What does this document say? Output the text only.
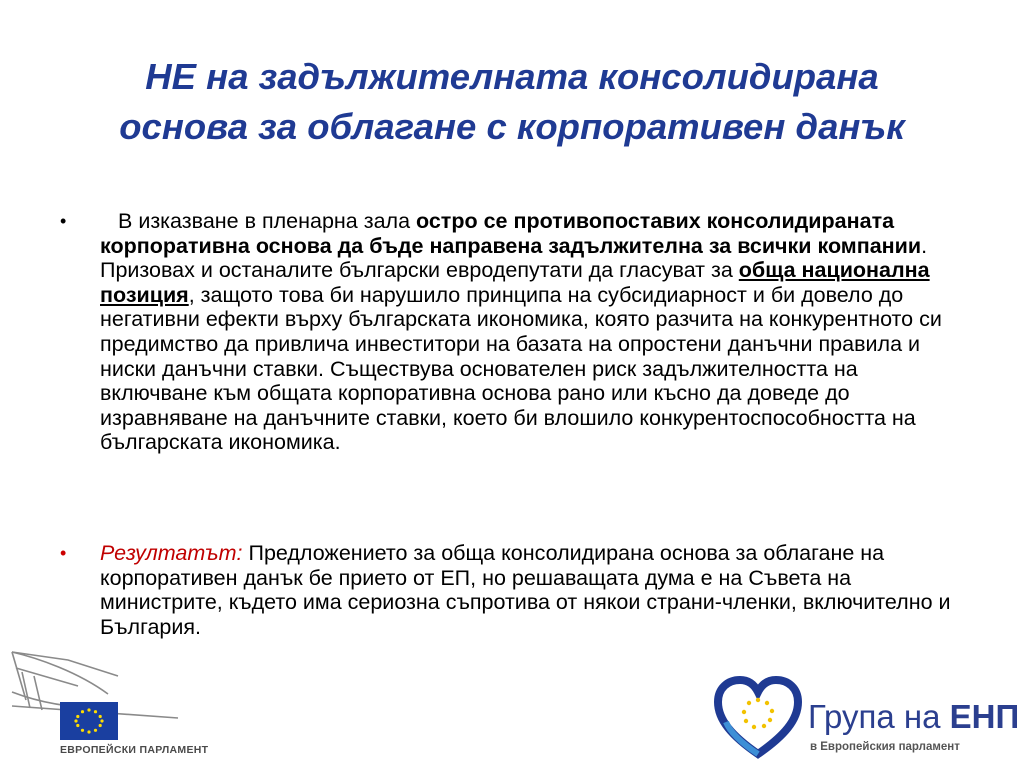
НЕ на задължителната консолидирана
основа за облагане с корпоративен данък

• В изказване в пленарна зала остро се противопоставих консолидираната корпоративна основа да бъде направена задължителна за всички компании. Призовах и останалите български евродепутати да гласуват за обща национална позиция, защото това би нарушило принципа на субсидиарност и би довело до негативни ефекти върху българската икономика, която разчита на конкурентното си предимство да привлича инвеститори на базата на опростени данъчни правила и ниски данъчни ставки. Съществува основателен риск задължителността на включване към общата корпоративна основа рано или късно да доведе до изравняване на данъчните ставки, което би влошило конкурентоспособността на българската икономика.

• Резултатът: Предложението за обща консолидирана основа за облагане на корпоративен данък бе прието от ЕП, но решаващата дума е на Съвета на министрите, където има сериозна съпротива от някои страни-членки, включително и България.

ЕВРОПЕЙСКИ ПАРЛАМЕНТ
Група на ЕНП
в Европейския парламент
